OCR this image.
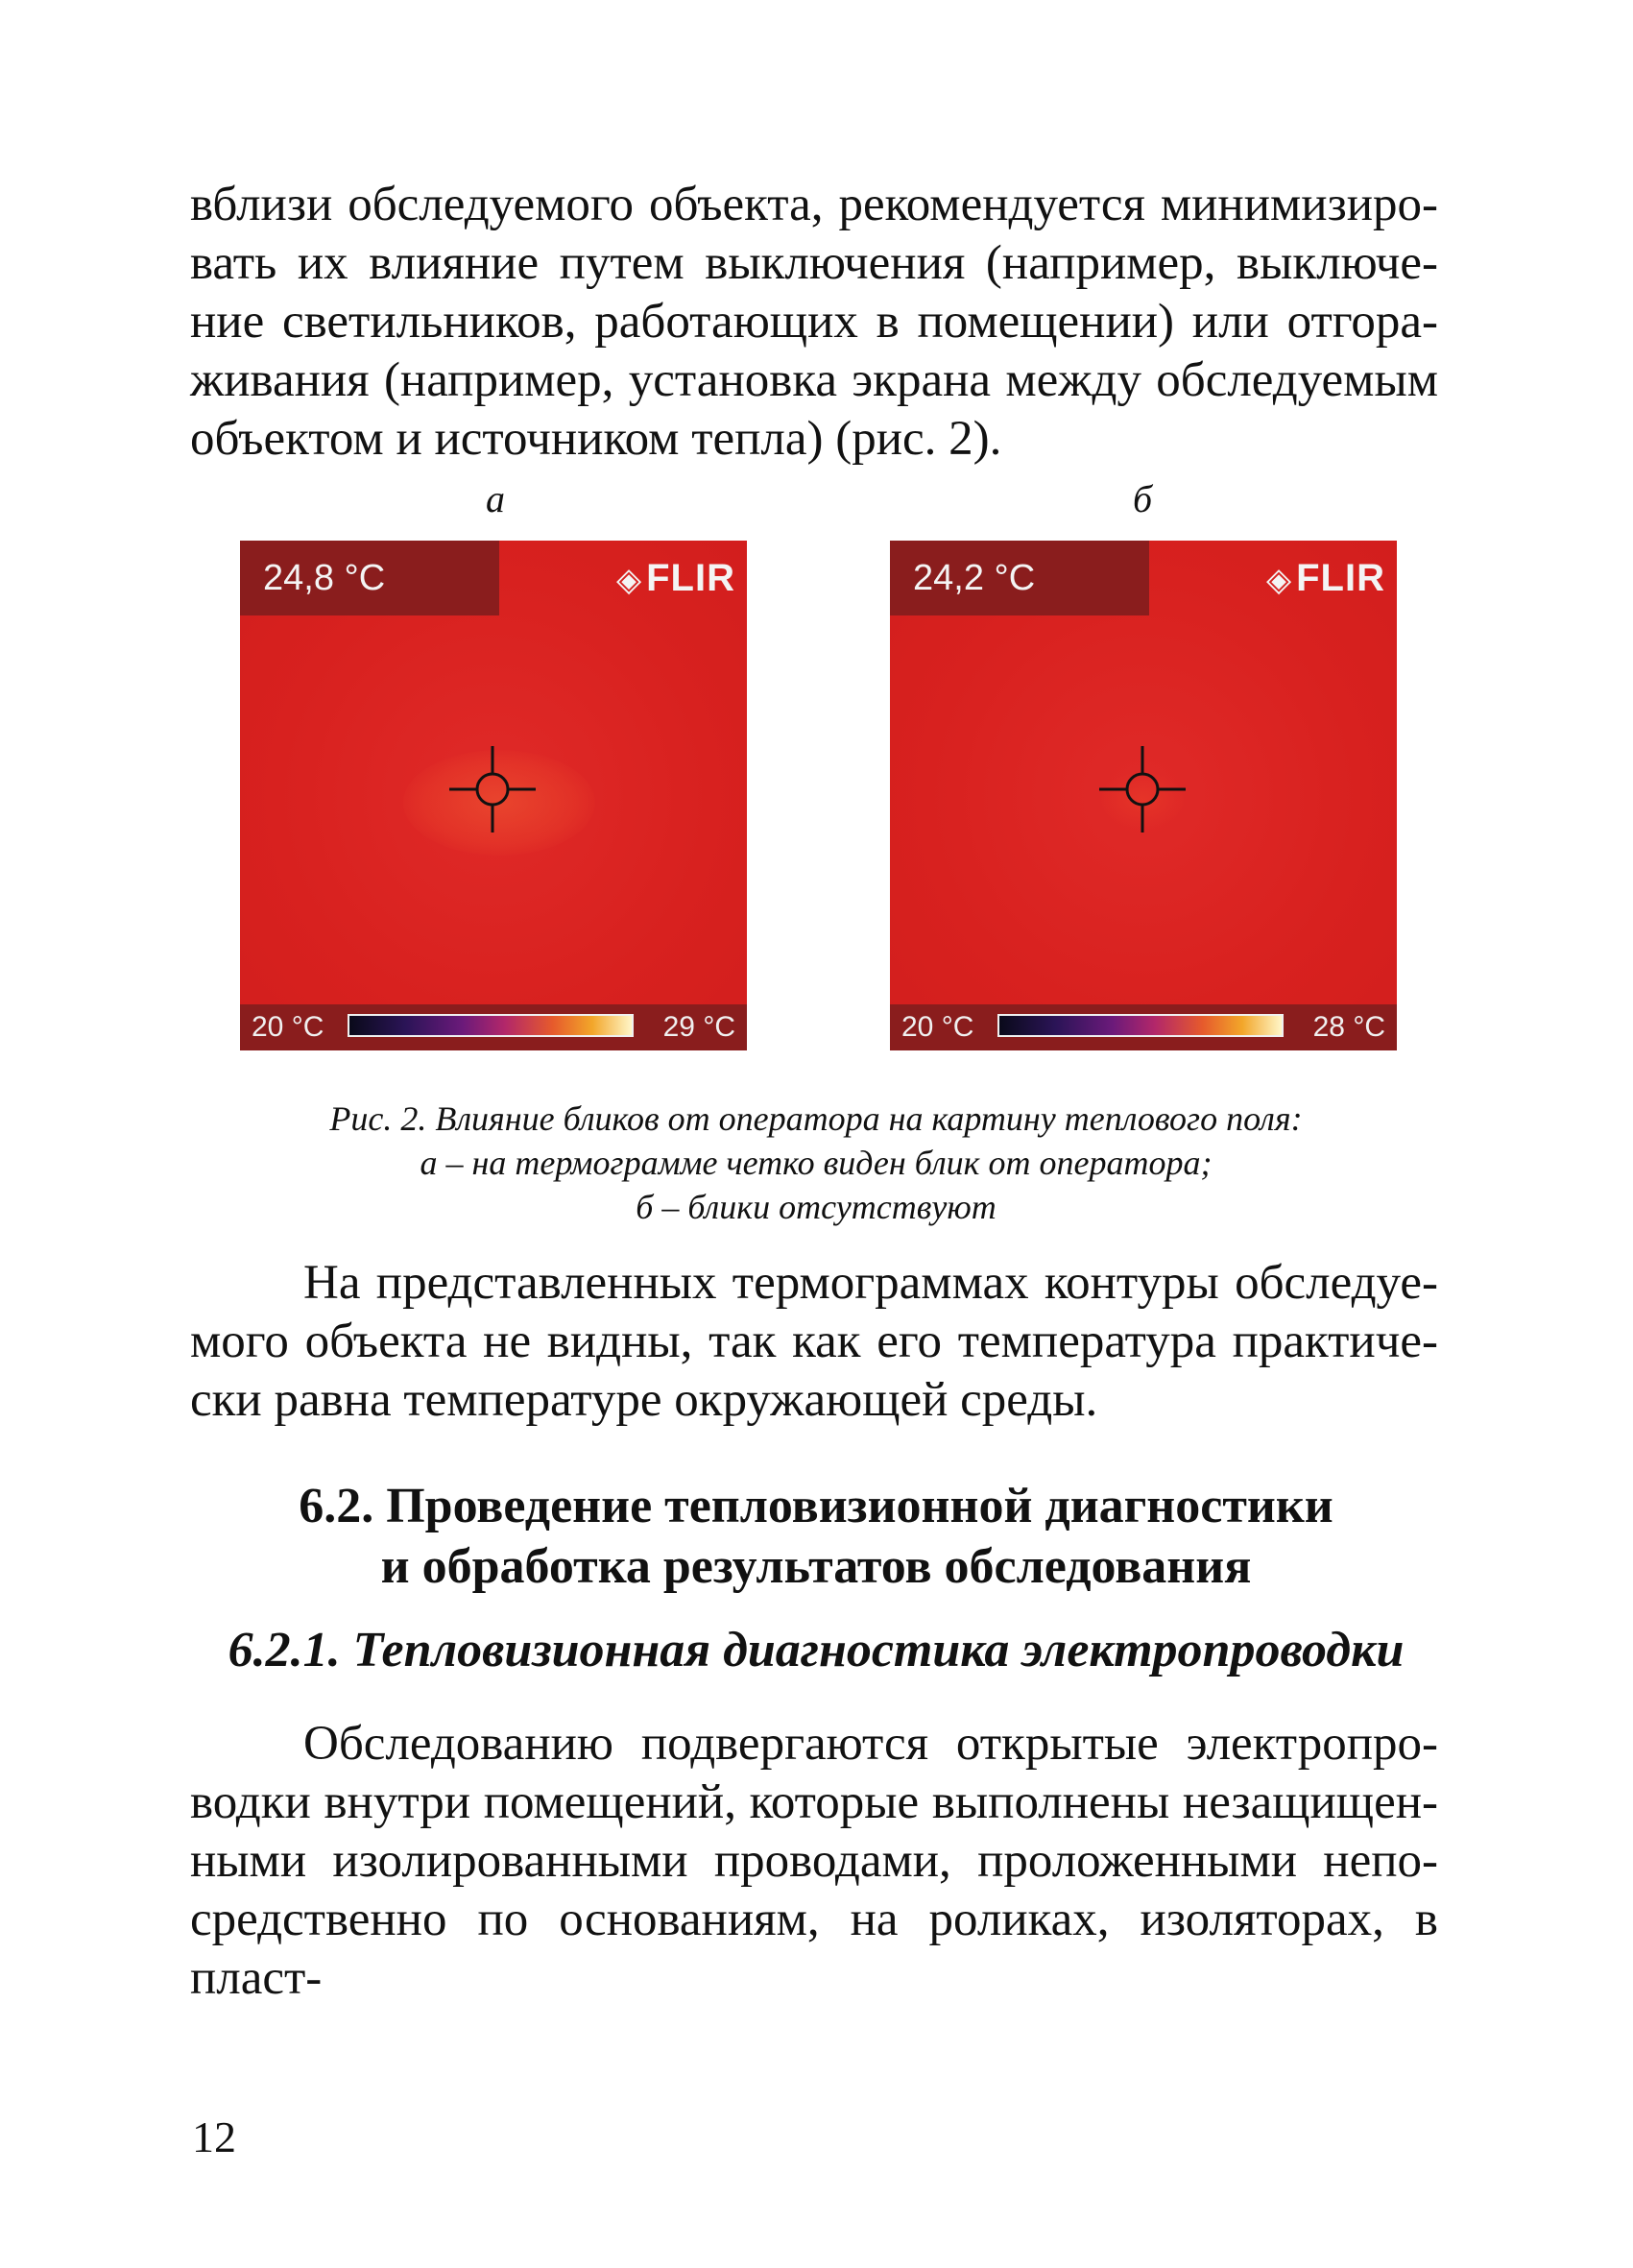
вблизи обследуемого объекта, рекомендуется минимизиро-
вать их влияние путем выключения (например, выключе-
ние светильников, работающих в помещении) или отгора-
живания (например, установка экрана между обследуемым
объектом и источником тепла) (рис. 2).

а	б
24,8 °C	◈ FLIR
20 °C	29 °C
24,2 °C	◈ FLIR
20 °C	28 °C

Рис. 2. Влияние бликов от оператора на картину теплового поля:
а – на термограмме четко виден блик от оператора;
б – блики отсутствуют

На представленных термограммах контуры обследуе-
мого объекта не видны, так как его температура практиче-
ски равна температуре окружающей среды.

6.2. Проведение тепловизионной диагностики
и обработка результатов обследования
6.2.1. Тепловизионная диагностика электропроводки

Обследованию подвергаются открытые электропро-
водки внутри помещений, которые выполнены незащищен-
ными изолированными проводами, проложенными непо-
средственно по основаниям, на роликах, изоляторах, в
пласт-

12
